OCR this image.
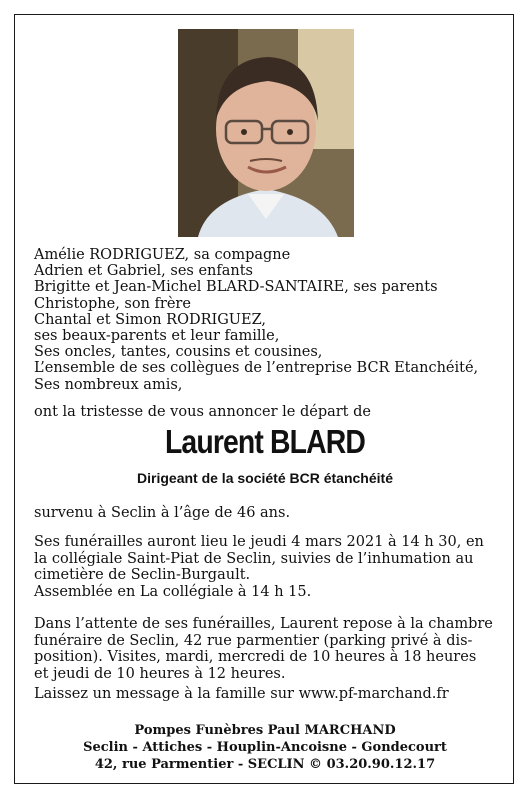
Amélie RODRIGUEZ, sa compagne
Adrien et Gabriel, ses enfants
Brigitte et Jean-Michel BLARD-SANTAIRE, ses parents
Christophe, son frère
Chantal et Simon RODRIGUEZ,
ses beaux-parents et leur famille,
Ses oncles, tantes, cousins et cousines,
L’ensemble de ses collègues de l’entreprise BCR Etanchéité,
Ses nombreux amis,
ont la tristesse de vous annoncer le départ de
Laurent BLARD
Dirigeant de la société BCR étanchéité
survenu à Seclin à l’âge de 46 ans.
Ses funérailles auront lieu le jeudi 4 mars 2021 à 14 h 30, en
la collégiale Saint-Piat de Seclin, suivies de l’inhumation au
cimetière de Seclin-Burgault.
Assemblée en La collégiale à 14 h 15.
Dans l’attente de ses funérailles, Laurent repose à la chambre
funéraire de Seclin, 42 rue parmentier (parking privé à dis-
position). Visites, mardi, mercredi de 10 heures à 18 heures
et jeudi de 10 heures à 12 heures.
Laissez un message à la famille sur www.pf-marchand.fr
Pompes Funèbres Paul MARCHAND
Seclin - Attiches - Houplin-Ancoisne - Gondecourt
42, rue Parmentier - SECLIN © 03.20.90.12.17
